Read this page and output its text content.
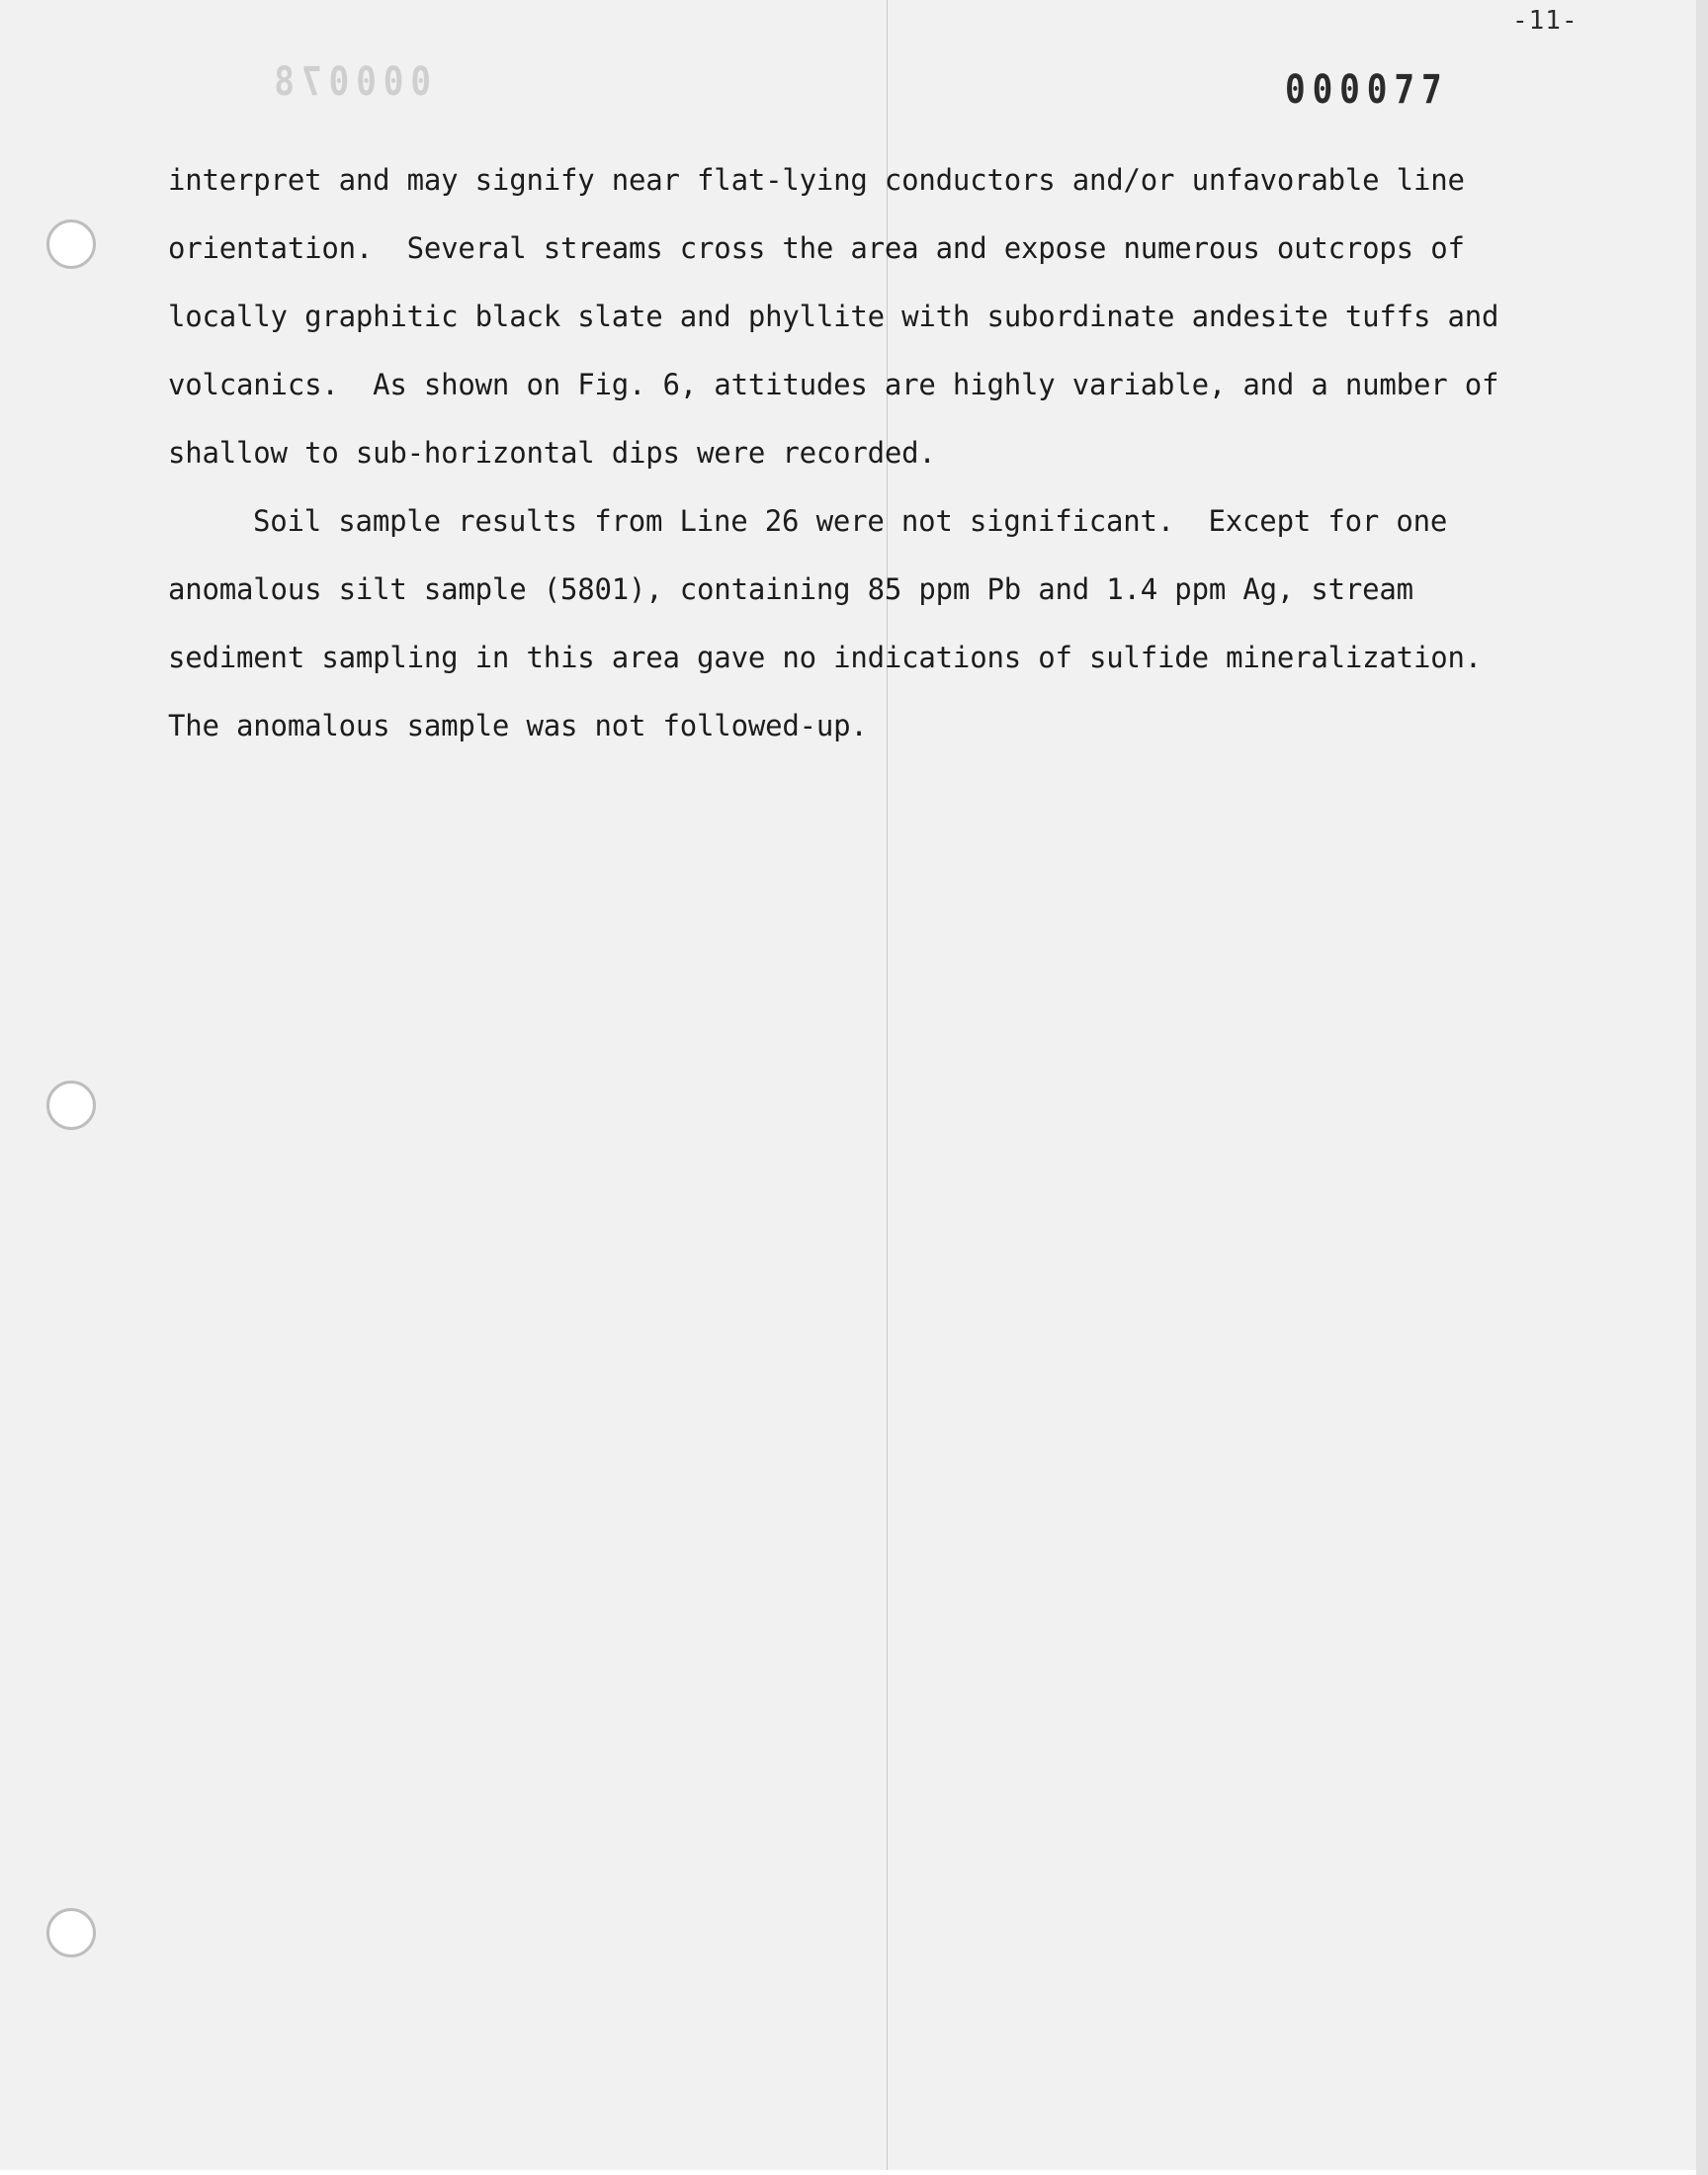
-11-
000077
000078
interpret and may signify near flat-lying conductors and/or unfavorable line
orientation.  Several streams cross the area and expose numerous outcrops of
locally graphitic black slate and phyllite with subordinate andesite tuffs and
volcanics.  As shown on Fig. 6, attitudes are highly variable, and a number of
shallow to sub-horizontal dips were recorded.
Soil sample results from Line 26 were not significant.  Except for one
anomalous silt sample (5801), containing 85 ppm Pb and 1.4 ppm Ag, stream
sediment sampling in this area gave no indications of sulfide mineralization.
The anomalous sample was not followed-up.
